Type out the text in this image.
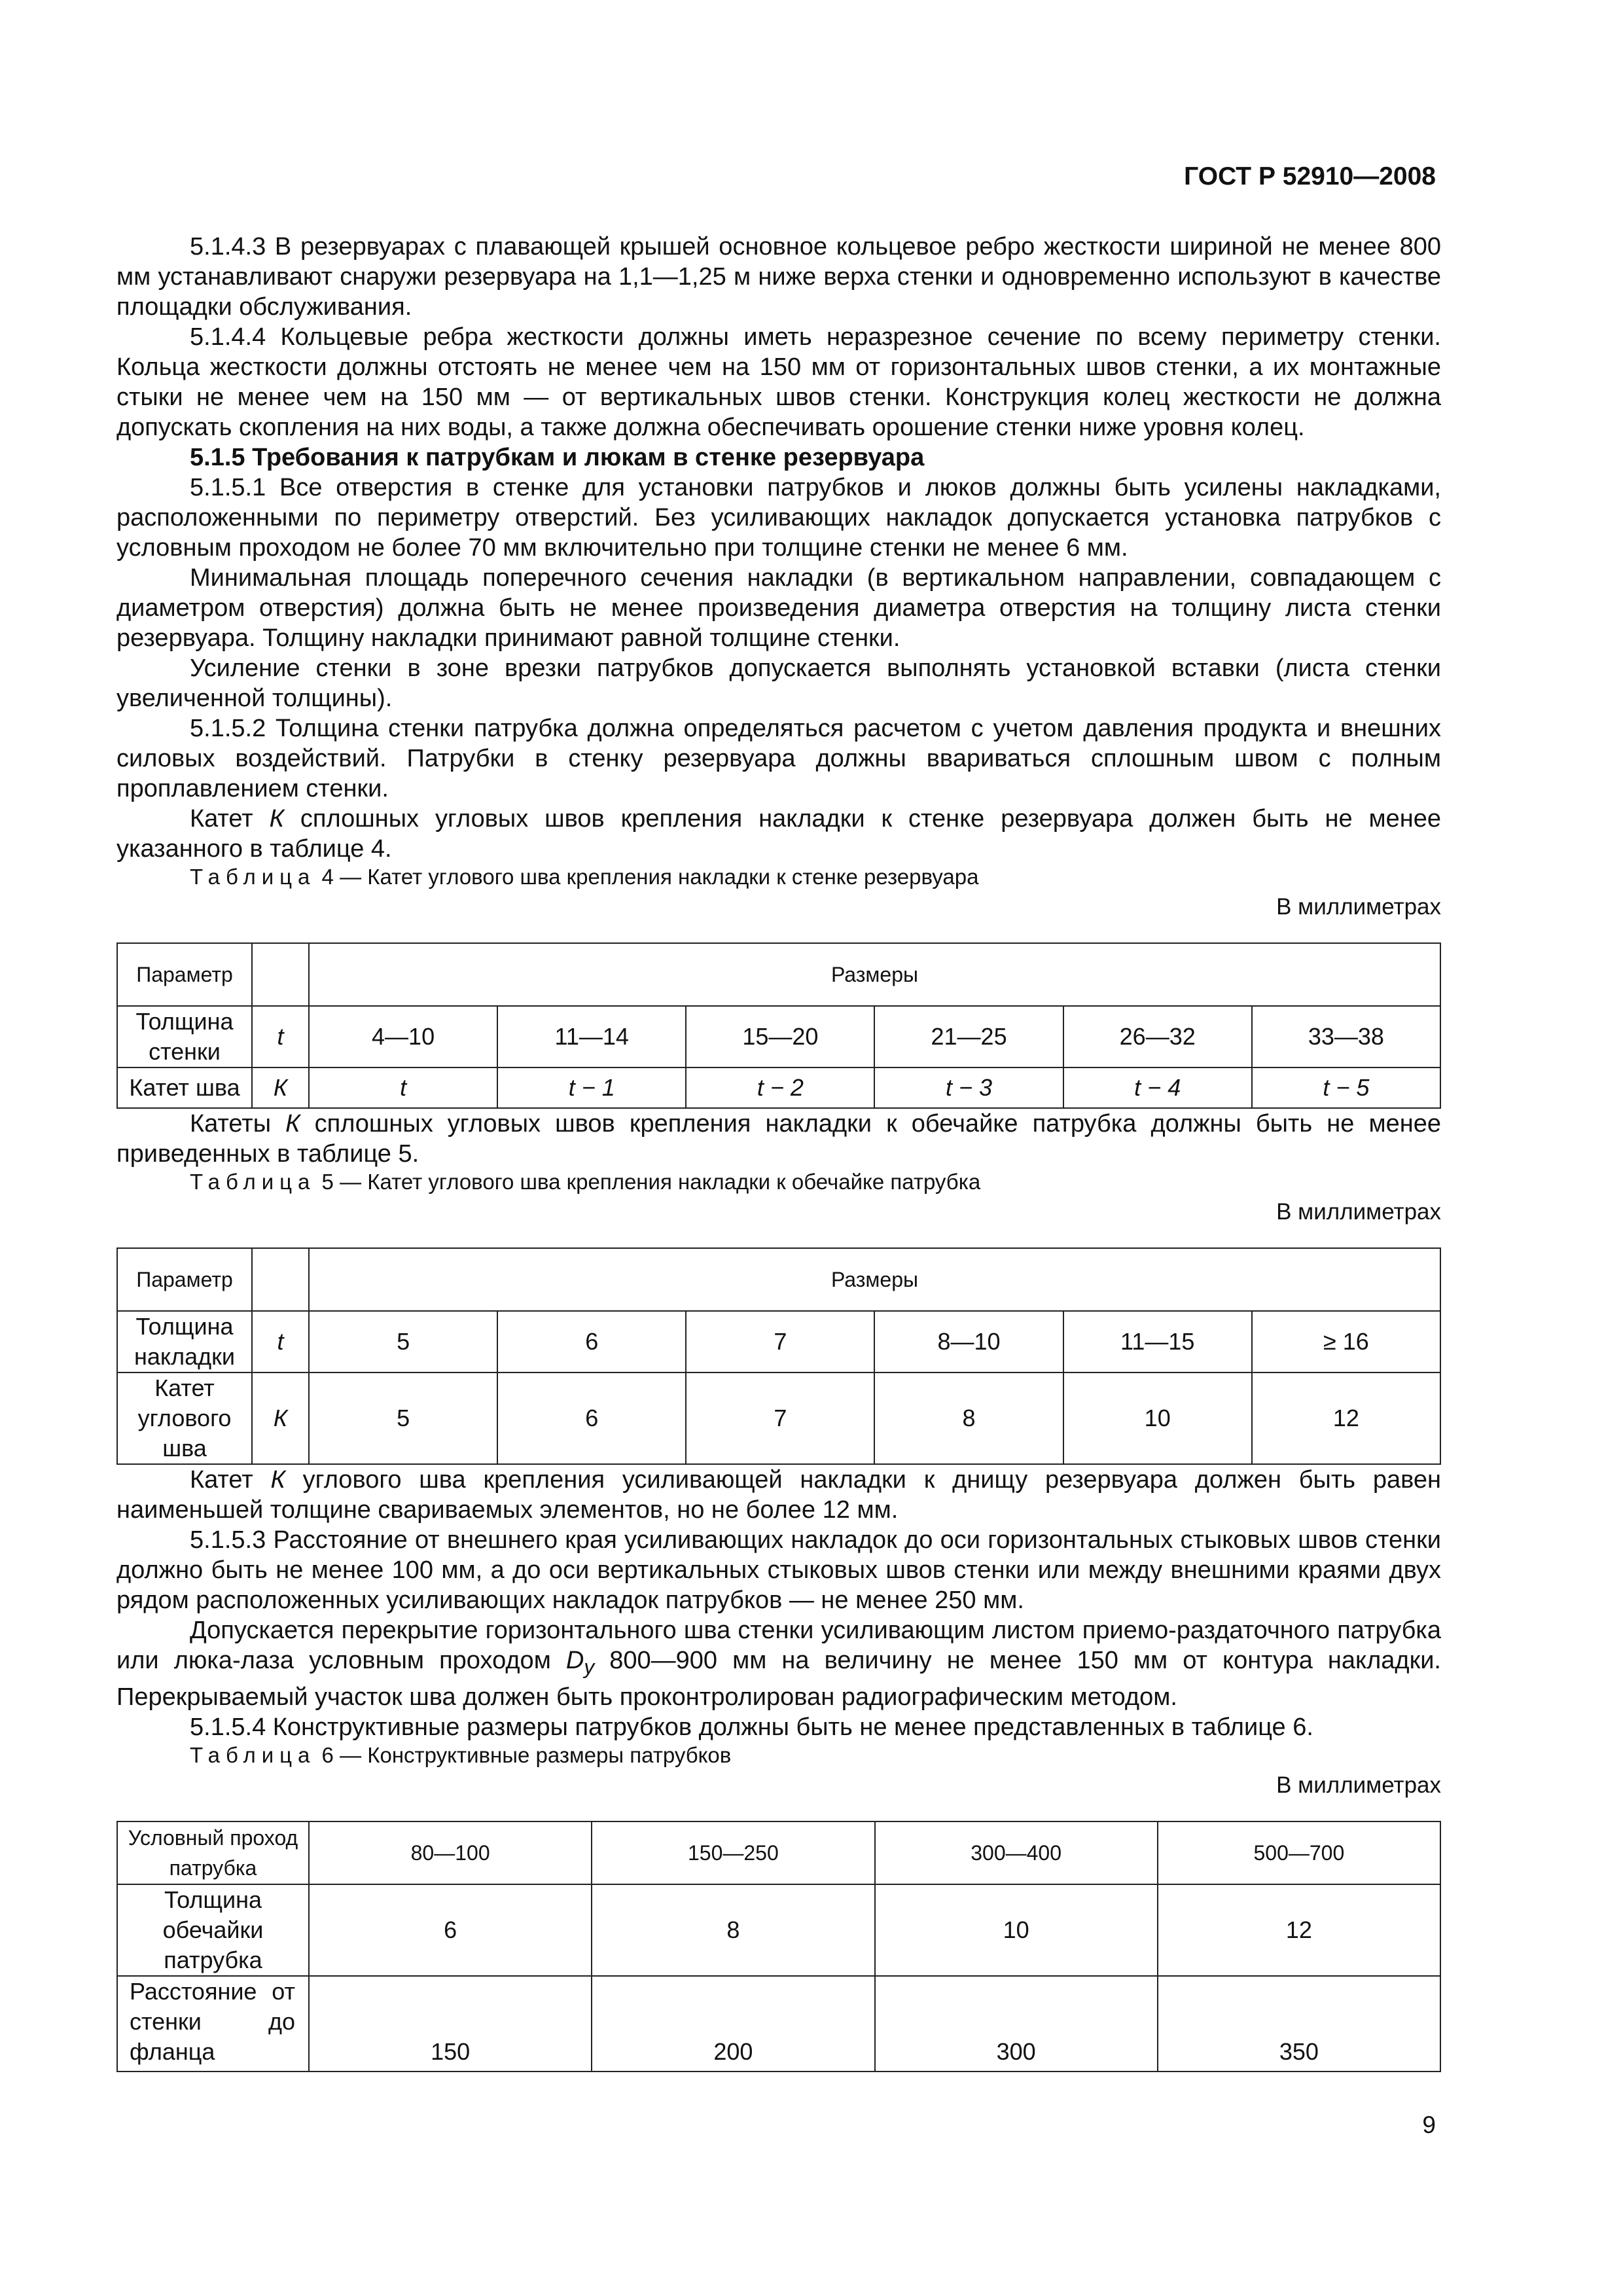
ГОСТ Р 52910—2008

5.1.4.3 В резервуарах с плавающей крышей основное кольцевое ребро жесткости шириной не менее 800 мм устанавливают снаружи резервуара на 1,1—1,25 м ниже верха стенки и одновременно используют в качестве площадки обслуживания.

5.1.4.4 Кольцевые ребра жесткости должны иметь неразрезное сечение по всему периметру стенки. Кольца жесткости должны отстоять не менее чем на 150 мм от горизонтальных швов стенки, а их монтажные стыки не менее чем на 150 мм — от вертикальных швов стенки. Конструкция колец жесткости не должна допускать скопления на них воды, а также должна обеспечивать орошение стенки ниже уровня колец.

5.1.5 Требования к патрубкам и люкам в стенке резервуара

5.1.5.1 Все отверстия в стенке для установки патрубков и люков должны быть усилены накладками, расположенными по периметру отверстий. Без усиливающих накладок допускается установка патрубков с условным проходом не более 70 мм включительно при толщине стенки не менее 6 мм.

Минимальная площадь поперечного сечения накладки (в вертикальном направлении, совпадающем с диаметром отверстия) должна быть не менее произведения диаметра отверстия на толщину листа стенки резервуара. Толщину накладки принимают равной толщине стенки.

Усиление стенки в зоне врезки патрубков допускается выполнять установкой вставки (листа стенки увеличенной толщины).

5.1.5.2 Толщина стенки патрубка должна определяться расчетом с учетом давления продукта и внешних силовых воздействий. Патрубки в стенку резервуара должны ввариваться сплошным швом с полным проплавлением стенки.

Катет К сплошных угловых швов крепления накладки к стенке резервуара должен быть не менее указанного в таблице 4.

Таблица 4 — Катет углового шва крепления накладки к стенке резервуара

В миллиметрах
Параметр		Размеры					
Толщина стенки	t	4—10	11—14	15—20	21—25	26—32	33—38
Катет шва	К	t	t − 1	t − 2	t − 3	t − 4	t − 5

Катеты К сплошных угловых швов крепления накладки к обечайке патрубка должны быть не менее приведенных в таблице 5.

Таблица 5 — Катет углового шва крепления накладки к обечайке патрубка

В миллиметрах
Параметр		Размеры					
Толщина накладки	t	5	6	7	8—10	11—15	≥ 16
Катет углового шва	К	5	6	7	8	10	12

Катет К углового шва крепления усиливающей накладки к днищу резервуара должен быть равен наименьшей толщине свариваемых элементов, но не более 12 мм.

5.1.5.3 Расстояние от внешнего края усиливающих накладок до оси горизонтальных стыковых швов стенки должно быть не менее 100 мм, а до оси вертикальных стыковых швов стенки или между внешними краями двух рядом расположенных усиливающих накладок патрубков — не менее 250 мм.

Допускается перекрытие горизонтального шва стенки усиливающим листом приемо-раздаточного патрубка или люка-лаза условным проходом $D_y$ 800—900 мм на величину не менее 150 мм от контура накладки. Перекрываемый участок шва должен быть проконтролирован радиографическим методом.

5.1.5.4 Конструктивные размеры патрубков должны быть не менее представленных в таблице 6.

Таблица 6 — Конструктивные размеры патрубков

В миллиметрах
Условный проход патрубка	80—100	150—250	300—400	500—700
Толщина обечайки патрубка	6	8	10	12
Расстояние от стенки до фланца	150	200	300	350
9
